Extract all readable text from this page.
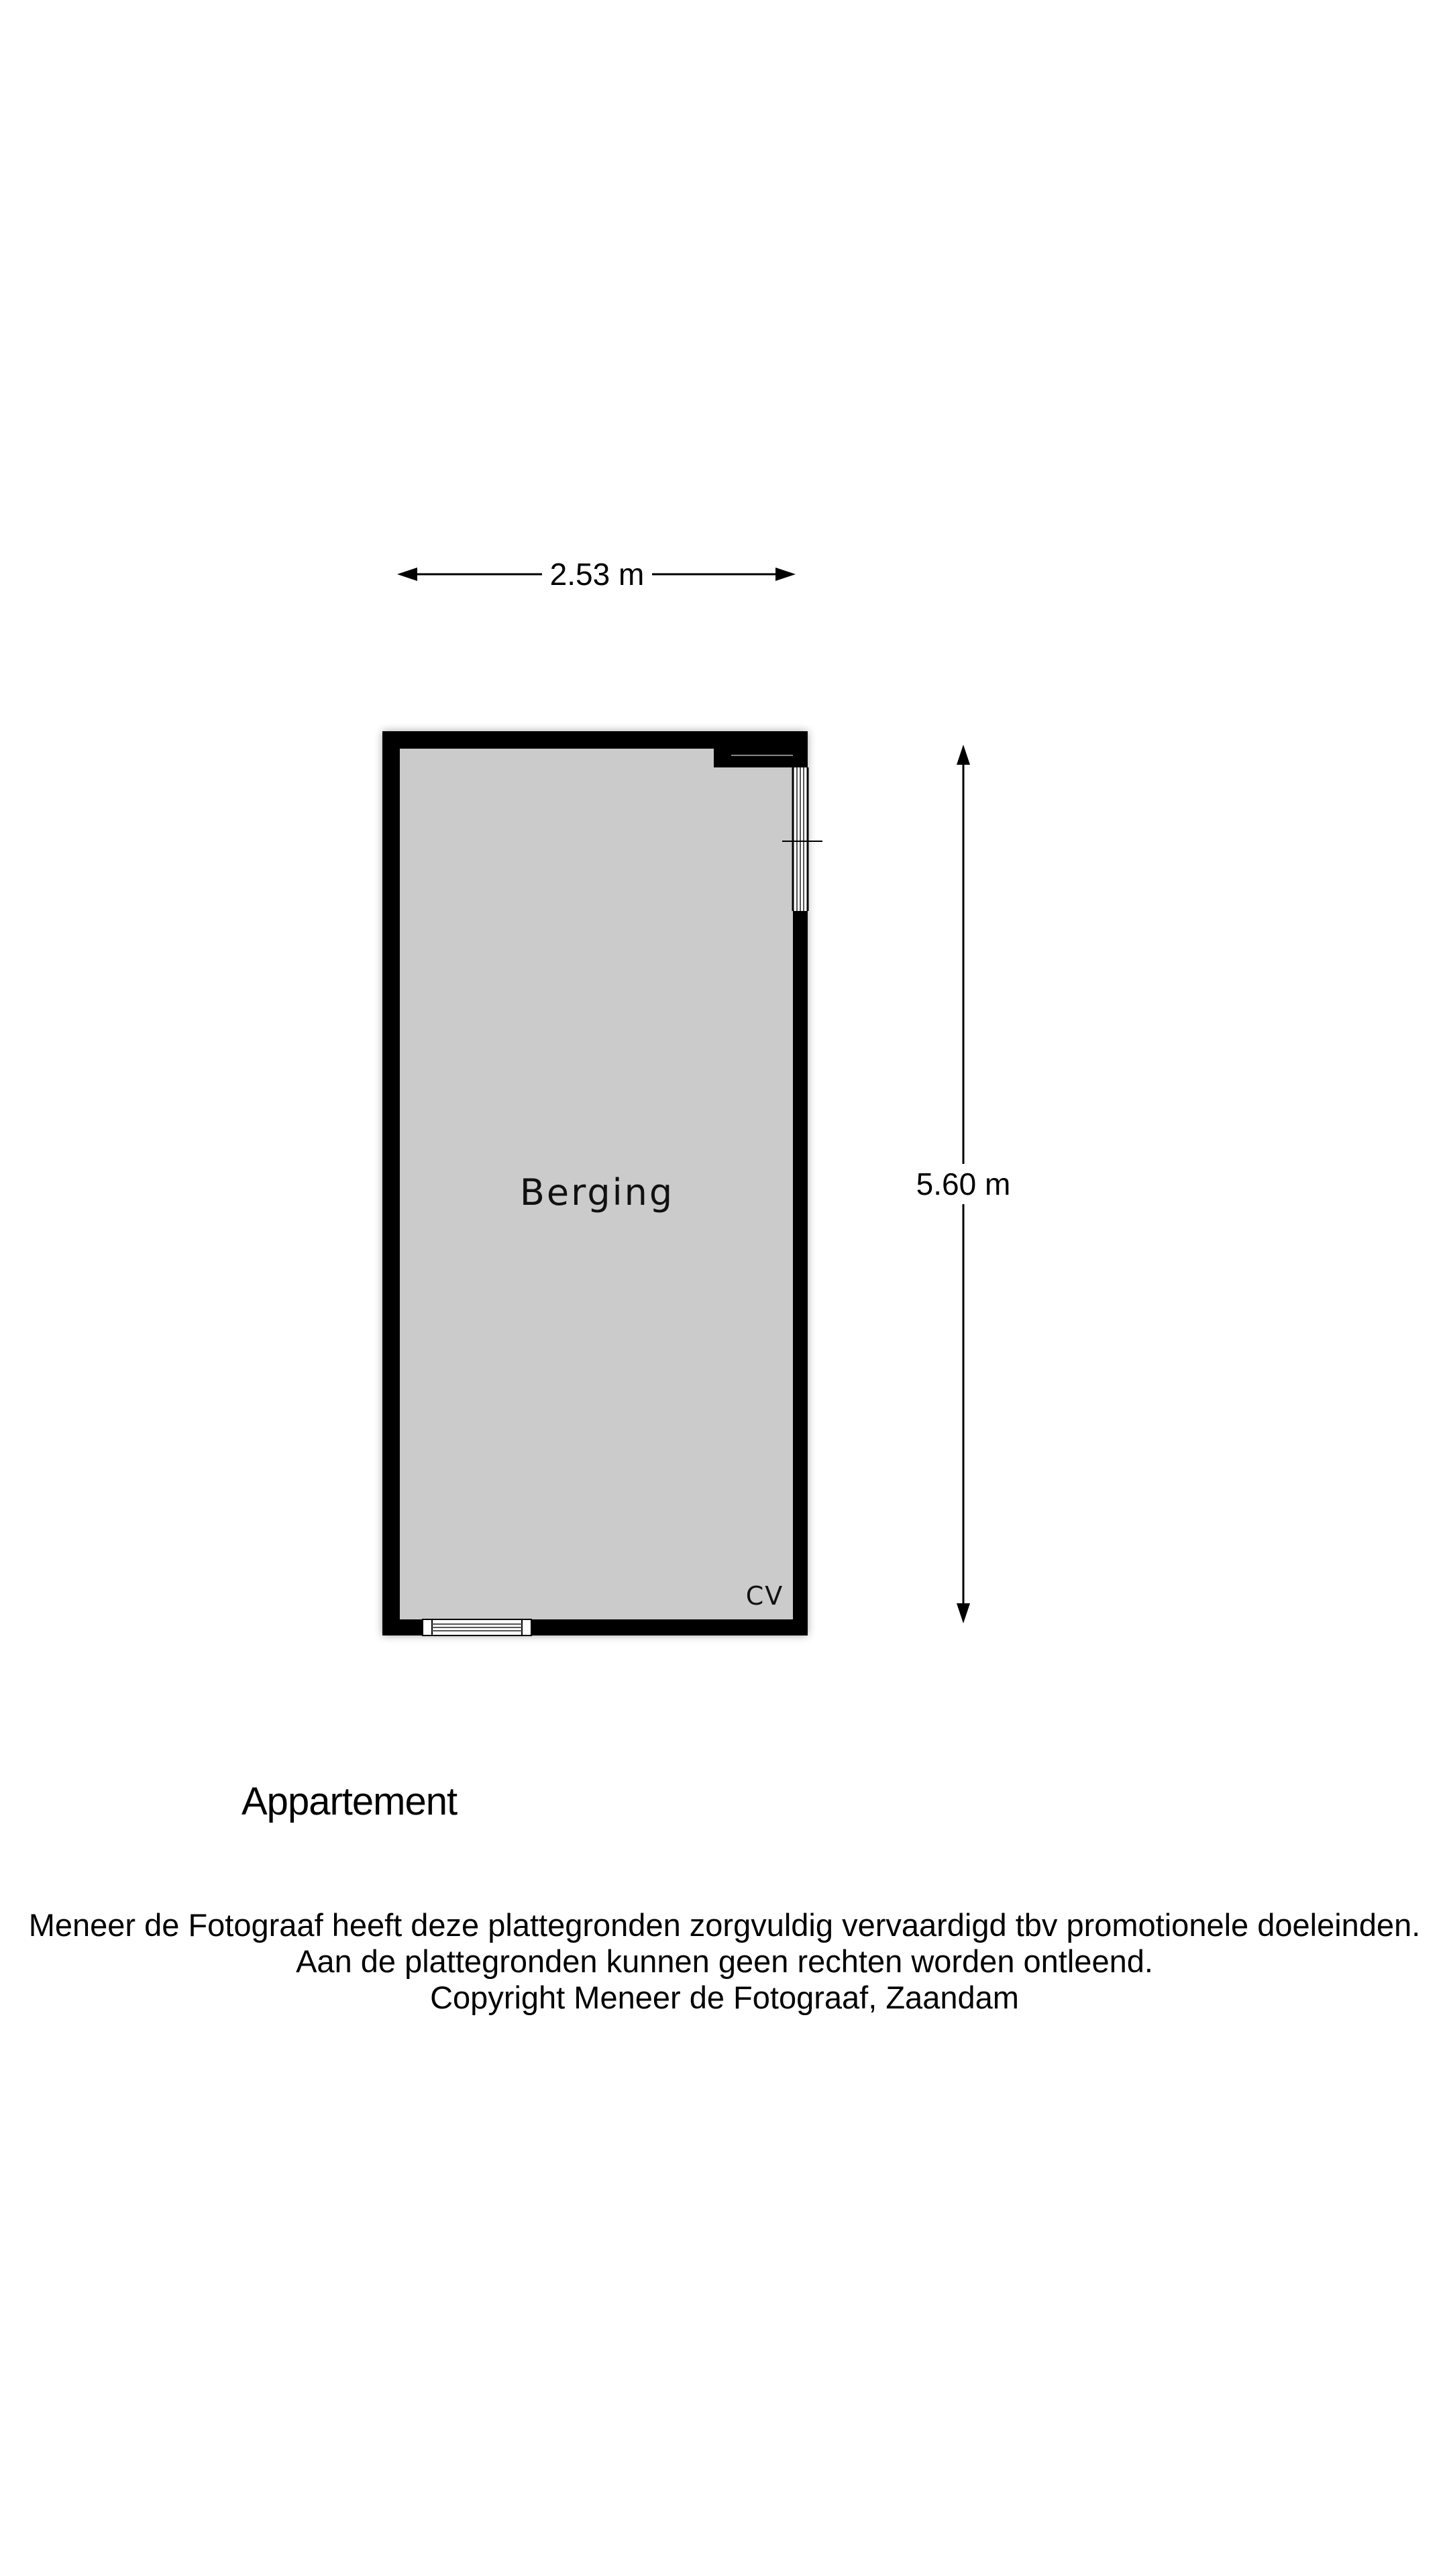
2.53 m
5.60 m
Berging
CV
Appartement
Meneer de Fotograaf heeft deze plattegronden zorgvuldig vervaardigd tbv promotionele doeleinden.
Aan de plattegronden kunnen geen rechten worden ontleend.
Copyright Meneer de Fotograaf, Zaandam
